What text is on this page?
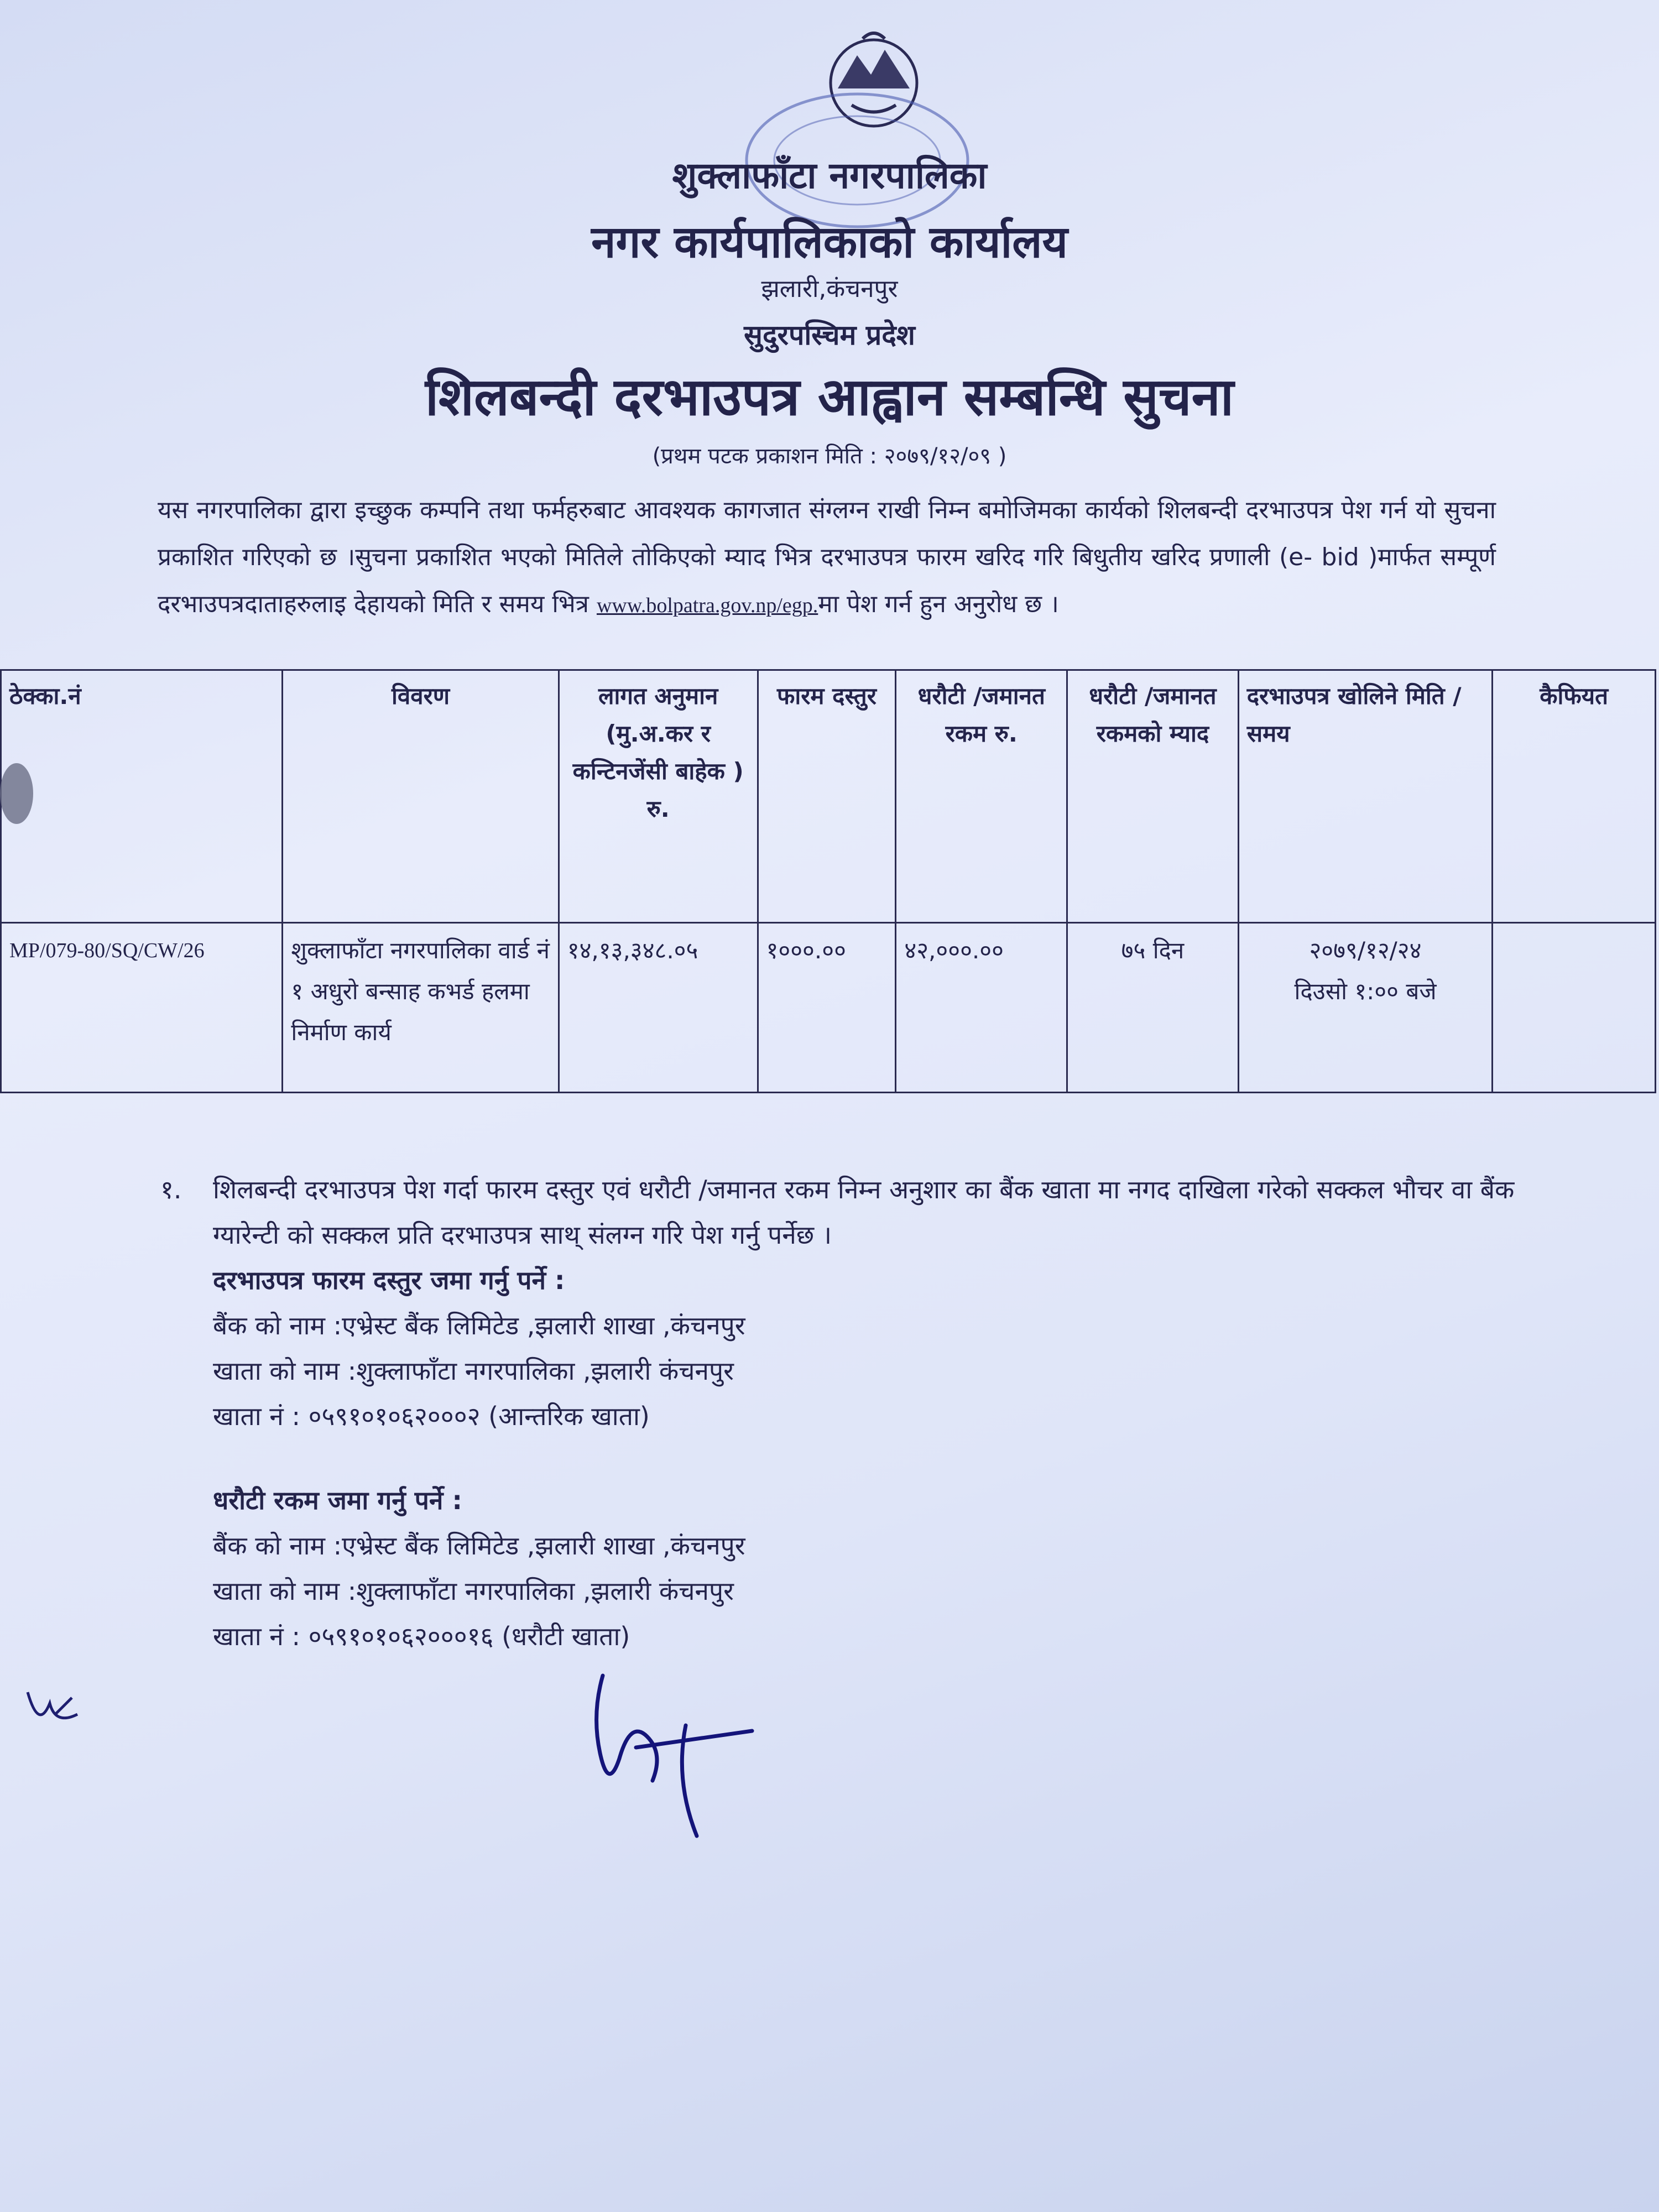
शुक्लाफाँटा नगरपालिका
नगर कार्यपालिकाको कार्यालय
झलारी,कंचनपुर
सुदुरपस्चिम प्रदेश
शिलबन्दी दरभाउपत्र आह्वान सम्बन्धि सुचना
(प्रथम पटक प्रकाशन मिति : २०७९/१२/०९ )
यस नगरपालिका द्वारा इच्छुक कम्पनि तथा फर्महरुबाट आवश्यक कागजात संग्लग्न राखी निम्न बमोजिमका कार्यको शिलबन्दी दरभाउपत्र पेश गर्न यो सुचना प्रकाशित गरिएको छ ।सुचना प्रकाशित भएको मितिले तोकिएको म्याद भित्र दरभाउपत्र फारम खरिद गरि बिधुतीय खरिद प्रणाली (e- bid )मार्फत सम्पूर्ण दरभाउपत्रदाताहरुलाइ देहायको मिति र समय भित्र www.bolpatra.gov.np/egp.मा पेश गर्न हुन अनुरोध छ ।
ठेक्का.नं	विवरण	लागत अनुमान (मु.अ.कर र कन्टिनजेंसी बाहेक ) रु.	फारम दस्तुर	धरौटी /जमानत रकम रु.	धरौटी /जमानत रकमको म्याद	दरभाउपत्र खोलिने मिति /समय	कैफियत
MP/079-80/SQ/CW/26	शुक्लाफाँटा नगरपालिका वार्ड नं १ अधुरो बन्साह कभर्ड हलमा निर्माण कार्य	१४,१३,३४८.०५	१०००.००	४२,०००.००	७५ दिन	२०७९/१२/२४
दिउसो १:०० बजे	

१. शिलबन्दी दरभाउपत्र पेश गर्दा फारम दस्तुर एवं धरौटी /जमानत रकम निम्न अनुशार का बैंक खाता मा नगद दाखिला गरेको सक्कल भौचर वा बैंक ग्यारेन्टी को सक्कल प्रति दरभाउपत्र साथ् संलग्न गरि पेश गर्नु पर्नेछ ।
दरभाउपत्र फारम दस्तुर जमा गर्नु पर्ने :
बैंक को नाम :एभ्रेस्ट बैंक लिमिटेड ,झलारी शाखा ,कंचनपुर
खाता को नाम :शुक्लाफाँटा नगरपालिका ,झलारी कंचनपुर
खाता नं : ०५९१०१०६२०००२ (आन्तरिक खाता)
धरौटी रकम जमा गर्नु पर्ने :
बैंक को नाम :एभ्रेस्ट बैंक लिमिटेड ,झलारी शाखा ,कंचनपुर
खाता को नाम :शुक्लाफाँटा नगरपालिका ,झलारी कंचनपुर
खाता नं : ०५९१०१०६२०००१६ (धरौटी खाता)
